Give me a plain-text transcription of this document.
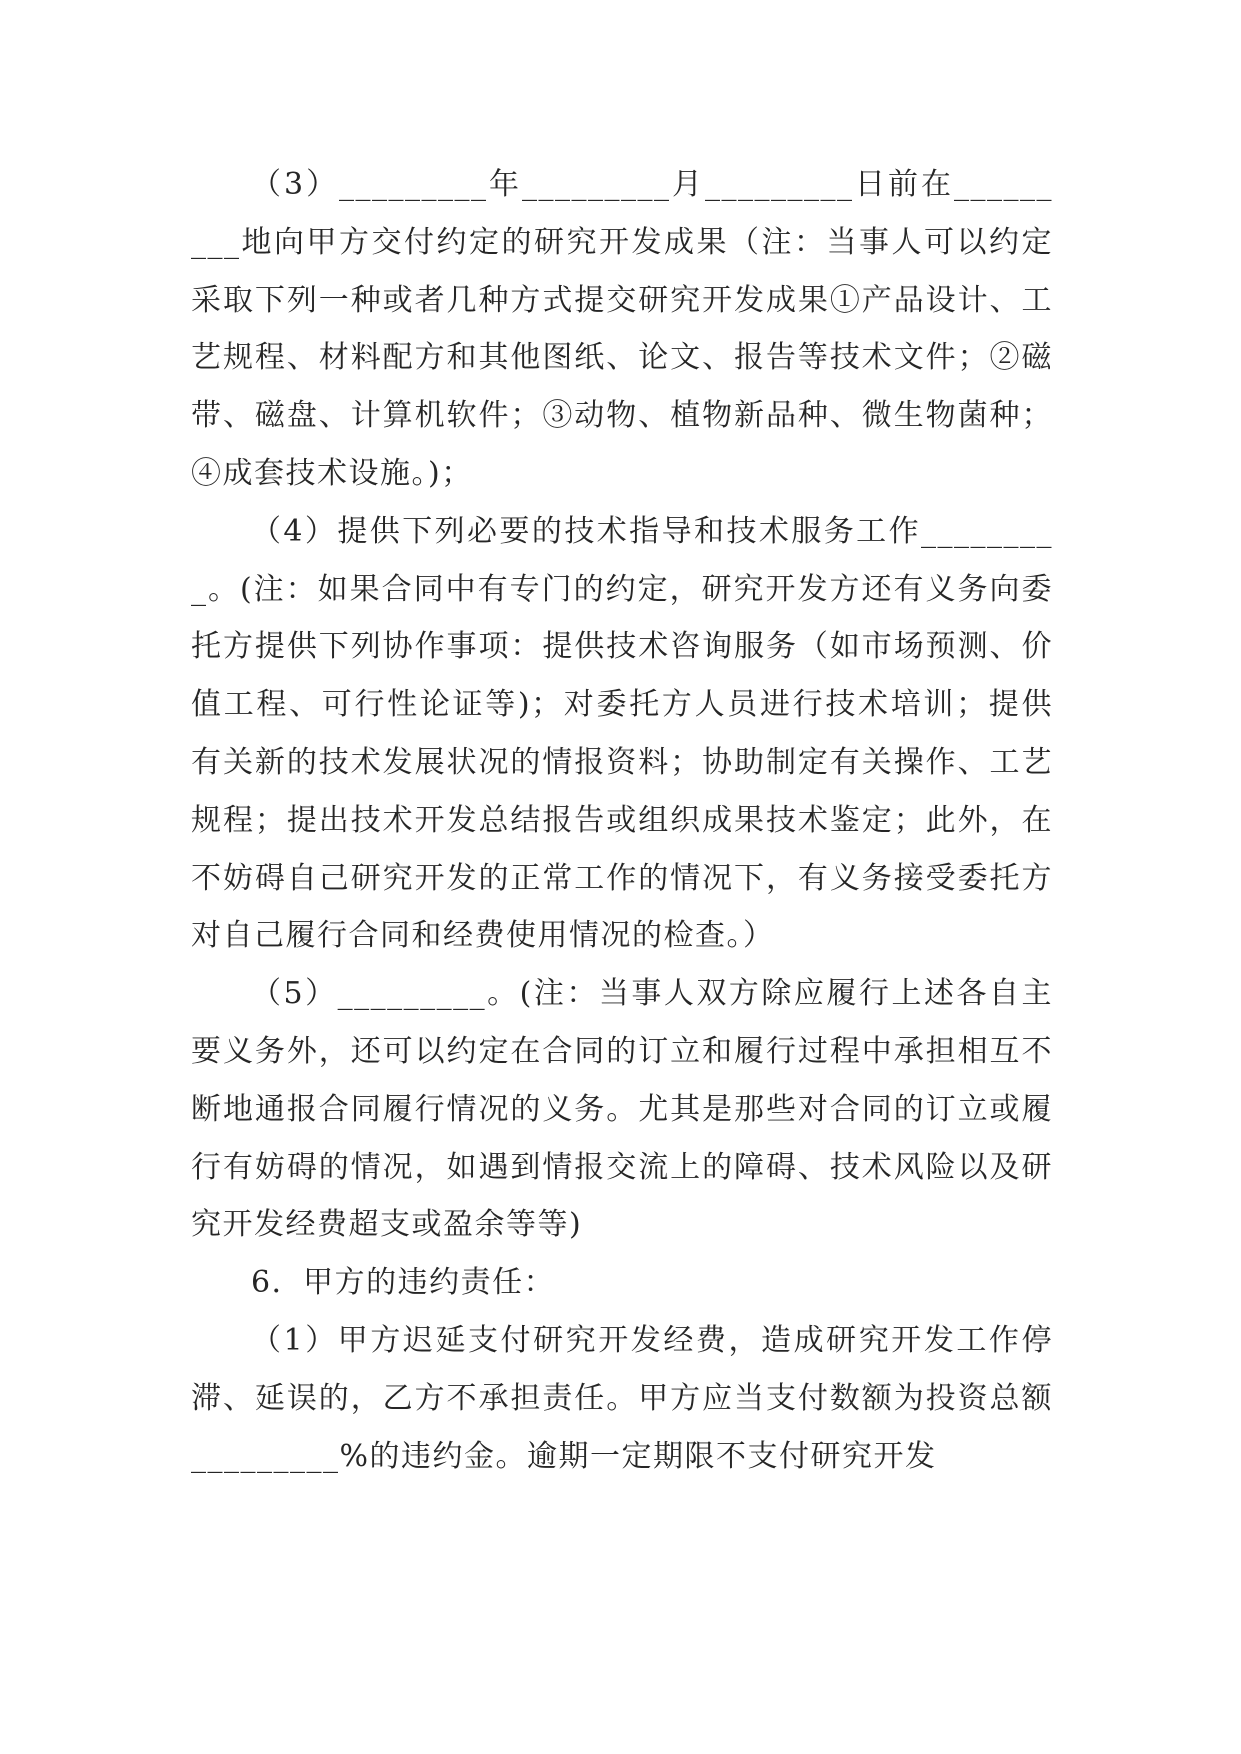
（3）_________年_________月_________日前在_________地向甲方交付约定的研究开发成果（注：当事人可以约定采取下列一种或者几种方式提交研究开发成果①产品设计、工艺规程、材料配方和其他图纸、论文、报告等技术文件；②磁带、磁盘、计算机软件；③动物、植物新品种、微生物菌种；④成套技术设施。)；

（4）提供下列必要的技术指导和技术服务工作_________。(注：如果合同中有专门的约定，研究开发方还有义务向委托方提供下列协作事项：提供技术咨询服务（如市场预测、价值工程、可行性论证等)；对委托方人员进行技术培训；提供有关新的技术发展状况的情报资料；协助制定有关操作、工艺规程；提出技术开发总结报告或组织成果技术鉴定；此外，在不妨碍自己研究开发的正常工作的情况下，有义务接受委托方对自己履行合同和经费使用情况的检查。）

（5）_________。(注：当事人双方除应履行上述各自主要义务外，还可以约定在合同的订立和履行过程中承担相互不断地通报合同履行情况的义务。尤其是那些对合同的订立或履行有妨碍的情况，如遇到情报交流上的障碍、技术风险以及研究开发经费超支或盈余等等)

6．甲方的违约责任：

（1）甲方迟延支付研究开发经费，造成研究开发工作停滞、延误的，乙方不承担责任。甲方应当支付数额为投资总额_________%的违约金。逾期一定期限不支付研究开发
